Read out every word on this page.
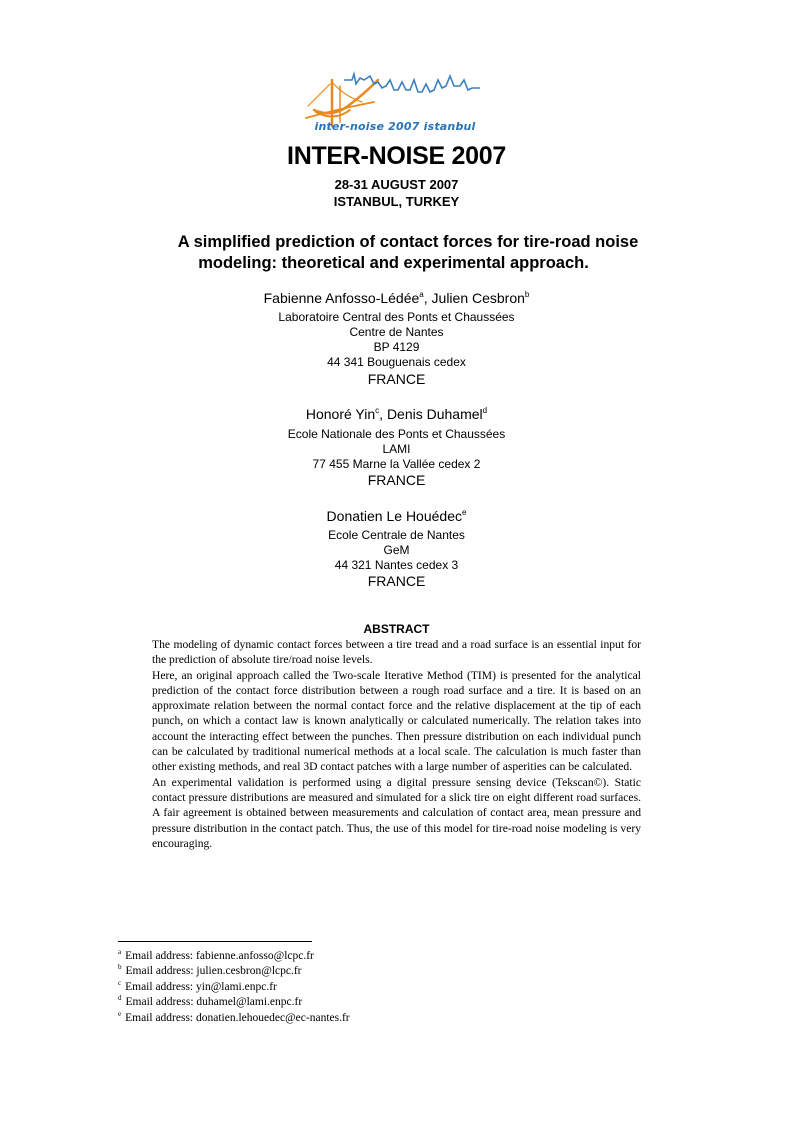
inter-noise 2007 istanbul
INTER-NOISE 2007
28-31 AUGUST 2007
ISTANBUL, TURKEY
A simplified prediction of contact forces for tire-road noise
modeling: theoretical and experimental approach.
Fabienne Anfosso-Lédée$^a$, Julien Cesbron$^b$
Laboratoire Central des Ponts et Chaussées
Centre de Nantes
BP 4129
44 341 Bouguenais cedex
FRANCE
Honoré Yin$^c$, Denis Duhamel$^d$
Ecole Nationale des Ponts et Chaussées
LAMI
77 455 Marne la Vallée cedex 2
FRANCE
Donatien Le Houédec$^e$
Ecole Centrale de Nantes
GeM
44 321 Nantes cedex 3
FRANCE
ABSTRACT

The modeling of dynamic contact forces between a tire tread and a road surface is an essential input for the prediction of absolute tire/road noise levels.

Here, an original approach called the Two-scale Iterative Method (TIM) is presented for the analytical prediction of the contact force distribution between a rough road surface and a tire. It is based on an approximate relation between the normal contact force and the relative displacement at the tip of each punch, on which a contact law is known analytically or calculated numerically. The relation takes into account the interacting effect between the punches. Then pressure distribution on each individual punch can be calculated by traditional numerical methods at a local scale. The calculation is much faster than other existing methods, and real 3D contact patches with a large number of asperities can be calculated.

An experimental validation is performed using a digital pressure sensing device (Tekscan©). Static contact pressure distributions are measured and simulated for a slick tire on eight different road surfaces. A fair agreement is obtained between measurements and calculation of contact area, mean pressure and pressure distribution in the contact patch. Thus, the use of this model for tire-road noise modeling is very encouraging.

$^a$ Email address: fabienne.anfosso@lcpc.fr
$^b$ Email address: julien.cesbron@lcpc.fr
$^c$ Email address: yin@lami.enpc.fr
$^d$ Email address: duhamel@lami.enpc.fr
$^e$ Email address: donatien.lehouedec@ec-nantes.fr
